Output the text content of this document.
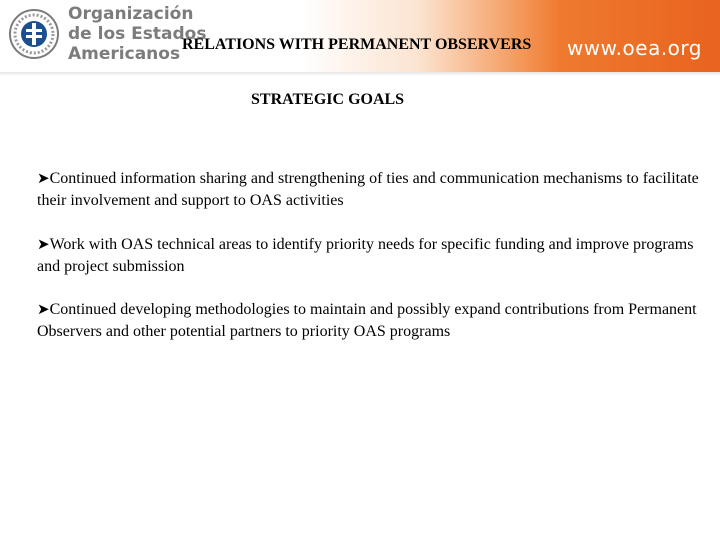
Organización
de los Estados
Americanos	www.oea.org
RELATIONS WITH PERMANENT OBSERVERS
STRATEGIC GOALS
➤Continued information sharing and strengthening of ties and communication mechanisms to facilitate their involvement and support to OAS activities
➤Work with OAS technical areas to identify priority needs for specific funding and improve programs and project submission
➤Continued developing methodologies to maintain and possibly expand contributions from Permanent Observers and other potential partners to priority OAS programs
